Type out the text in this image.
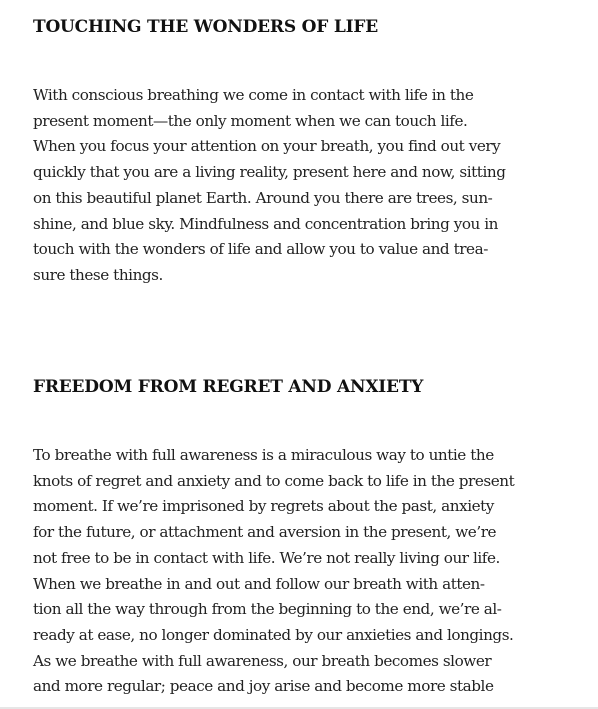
TOUCHING THE WONDERS OF LIFE

With conscious breathing we come in contact with life in the
present moment—the only moment when we can touch life.
When you focus your attention on your breath, you find out very
quickly that you are a living reality, present here and now, sitting
on this beautiful planet Earth. Around you there are trees, sun-
shine, and blue sky. Mindfulness and concentration bring you in
touch with the wonders of life and allow you to value and trea-
sure these things.

FREEDOM FROM REGRET AND ANXIETY

To breathe with full awareness is a miraculous way to untie the
knots of regret and anxiety and to come back to life in the present
moment. If we’re imprisoned by regrets about the past, anxiety
for the future, or attachment and aversion in the present, we’re
not free to be in contact with life. We’re not really living our life.
When we breathe in and out and follow our breath with atten-
tion all the way through from the beginning to the end, we’re al-
ready at ease, no longer dominated by our anxieties and longings.
As we breathe with full awareness, our breath becomes slower
and more regular; peace and joy arise and become more stable
